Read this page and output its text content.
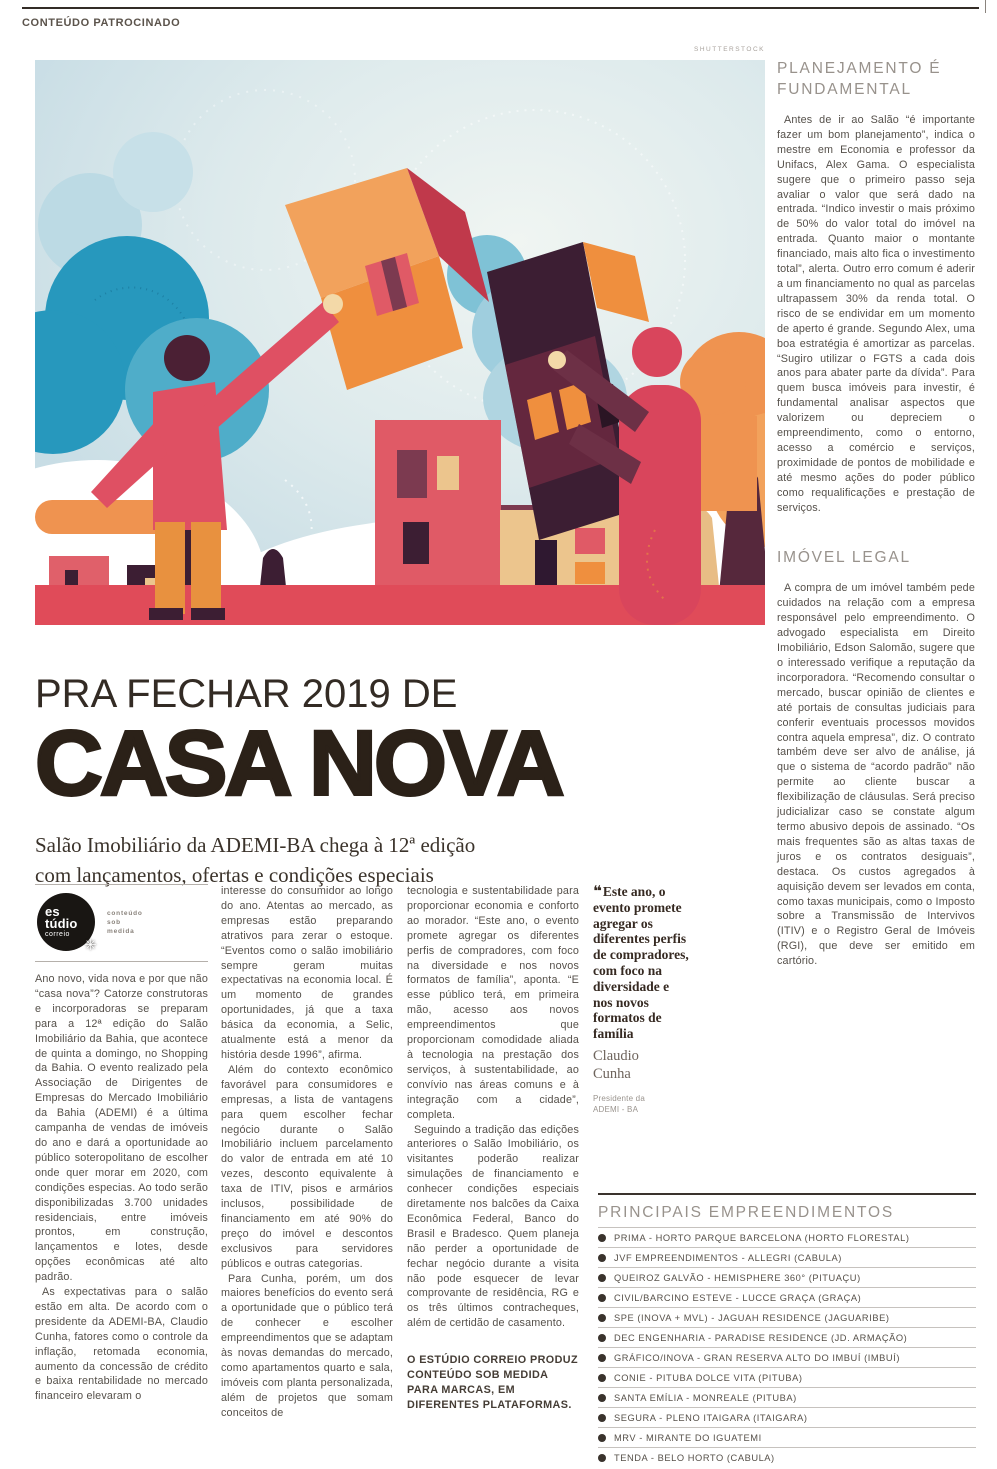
CONTEÚDO PATROCINADO
SHUTTERSTOCK
PLANEJAMENTO É FUNDAMENTAL
Antes de ir ao Salão “é importante fazer um bom planejamento”, indica o mestre em Economia e professor da Unifacs, Alex Gama. O especialista sugere que o primeiro passo seja avaliar o valor que será dado na entrada. “Indico investir o mais próximo de 50% do valor total do imóvel na entrada. Quanto maior o montante financiado, mais alto fica o investimento total”, alerta. Outro erro comum é aderir a um financiamento no qual as parcelas ultrapassem 30% da renda total. O risco de se endividar em um momento de aperto é grande. Segundo Alex, uma boa estratégia é amortizar as parcelas. “Sugiro utilizar o FGTS a cada dois anos para abater parte da dívida”. Para quem busca imóveis para investir, é fundamental analisar aspectos que valorizem ou depreciem o empreendimento, como o entorno, acesso a comércio e serviços, proximidade de pontos de mobilidade e até mesmo ações do poder público como requalificações e prestação de serviços.
IMÓVEL LEGAL
A compra de um imóvel também pede cuidados na relação com a empresa responsável pelo empreendimento. O advogado especialista em Direito Imobiliário, Edson Salomão, sugere que o interessado verifique a reputação da incorporadora. “Recomendo consultar o mercado, buscar opinião de clientes e até portais de consultas judiciais para conferir eventuais processos movidos contra aquela empresa”, diz. O contrato também deve ser alvo de análise, já que o sistema de “acordo padrão” não permite ao cliente buscar a flexibilização de cláusulas. Será preciso judicializar caso se constate algum termo abusivo depois de assinado. “Os mais frequentes são as altas taxas de juros e os contratos desiguais”, destaca. Os custos agregados à aquisição devem ser levados em conta, como taxas municipais, como o Imposto sobre a Transmissão de Intervivos (ITIV) e o Registro Geral de Imóveis (RGI), que deve ser emitido em cartório.
PRA FECHAR 2019 DE
CASA NOVA
Salão Imobiliário da ADEMI-BA chega à 12ª edição com lançamentos, ofertas e condições especiais
es
túdio
correio
✳
conteúdo
sob
medida

Ano novo, vida nova e por que não “casa nova”? Catorze construtoras e incorporadoras se preparam para a 12ª edição do Salão Imobiliário da Bahia, que acontece de quinta a domingo, no Shopping da Bahia. O evento realizado pela Associação de Dirigentes de Empresas do Mercado Imobiliário da Bahia (ADEMI) é a última campanha de vendas de imóveis do ano e dará a oportunidade ao público soteropolitano de escolher onde quer morar em 2020, com condições especias. Ao todo serão disponibilizadas 3.700 unidades residenciais, entre imóveis prontos, em construção, lançamentos e lotes, desde opções econômicas até alto padrão.

As expectativas para o salão estão em alta. De acordo com o presidente da ADEMI-BA, Claudio Cunha, fatores como o controle da inflação, retomada economia, aumento da concessão de crédito e baixa rentabilidade no mercado financeiro elevaram o

interesse do consumidor ao longo do ano. Atentas ao mercado, as empresas estão preparando atrativos para zerar o estoque. “Eventos como o salão imobiliário sempre geram muitas expectativas na economia local. É um momento de grandes oportunidades, já que a taxa básica da economia, a Selic, atualmente está a menor da história desde 1996”, afirma.

Além do contexto econômico favorável para consumidores e empresas, a lista de vantagens para quem escolher fechar negócio durante o Salão Imobiliário incluem parcelamento do valor de entrada em até 10 vezes, desconto equivalente à taxa de ITIV, pisos e armários inclusos, possibilidade de financiamento em até 90% do preço do imóvel e descontos exclusivos para servidores públicos e outras categorias.

Para Cunha, porém, um dos maiores benefícios do evento será a oportunidade que o público terá de conhecer e escolher empreendimentos que se adaptam às novas demandas do mercado, como apartamentos quarto e sala, imóveis com planta personalizada, além de projetos que somam conceitos de

tecnologia e sustentabilidade para proporcionar economia e conforto ao morador. “Este ano, o evento promete agregar os diferentes perfis de compradores, com foco na diversidade e nos novos formatos de família”, aponta. “E esse público terá, em primeira mão, acesso aos novos empreendimentos que proporcionam comodidade aliada à tecnologia na prestação dos serviços, à sustentabilidade, ao convívio nas áreas comuns e à integração com a cidade”, completa.

Seguindo a tradição das edições anteriores o Salão Imobiliário, os visitantes poderão realizar simulações de financiamento e conhecer condições especiais diretamente nos balcões da Caixa Econômica Federal, Banco do Brasil e Bradesco. Quem planeja não perder a oportunidade de fechar negócio durante a visita não pode esquecer de levar comprovante de residência, RG e os três últimos contracheques, além de certidão de casamento.

O ESTÚDIO CORREIO PRODUZ CONTEÚDO SOB MEDIDA PARA MARCAS, EM DIFERENTES PLATAFORMAS.
❝ Este ano, o evento promete agregar os diferentes perfis de compradores, com foco na diversidade e nos novos formatos de família
Claudio Cunha
Presidente da ADEMI - BA
PRINCIPAIS EMPREENDIMENTOS
PRIMA - HORTO PARQUE BARCELONA (HORTO FLORESTAL)
JVF EMPREENDIMENTOS - ALLEGRI (CABULA)
QUEIROZ GALVÃO - HEMISPHERE 360° (PITUAÇU)
CIVIL/BARCINO ESTEVE - LUCCE GRAÇA (GRAÇA)
SPE (INOVA + MVL) - JAGUAH RESIDENCE (JAGUARIBE)
DEC ENGENHARIA - PARADISE RESIDENCE (JD. ARMAÇÃO)
GRÁFICO/INOVA - GRAN RESERVA ALTO DO IMBUÍ (IMBUÍ)
CONIE - PITUBA DOLCE VITA (PITUBA)
SANTA EMÍLIA - MONREALE (PITUBA)
SEGURA - PLENO ITAIGARA (ITAIGARA)
MRV - MIRANTE DO IGUATEMI
TENDA - BELO HORTO (CABULA)
